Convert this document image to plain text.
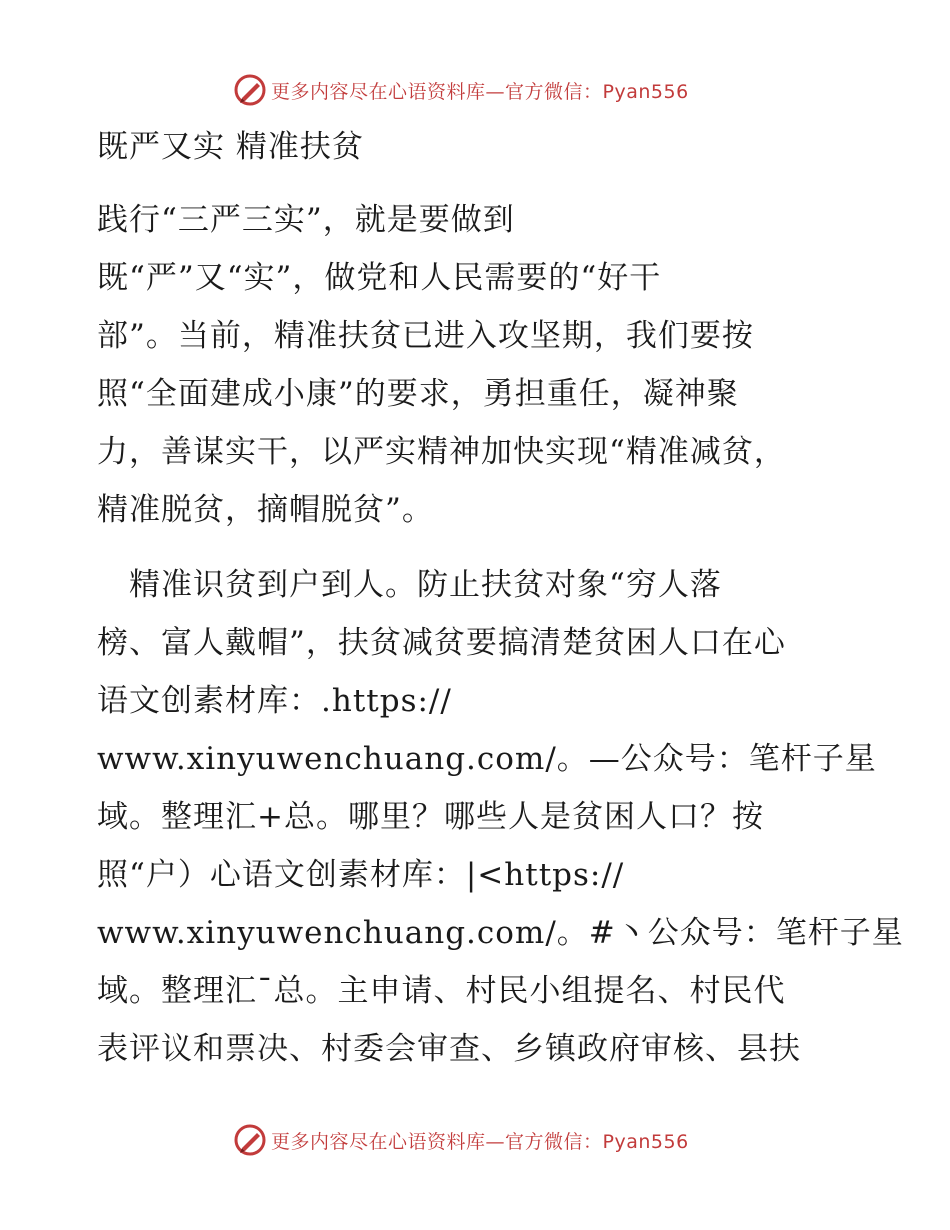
更多内容尽在心语资料库—官方微信：Pyan556
既严又实 精准扶贫

践行“三严三实”，就是要做到

既“严”又“实”，做党和人民需要的“好干

部”。当前，精准扶贫已进入攻坚期，我们要按

照“全面建成小康”的要求，勇担重任，凝神聚

力，善谋实干，以严实精神加快实现“精准减贫，

精准脱贫，摘帽脱贫”。

　精准识贫到户到人。防止扶贫对象“穷人落

榜、富人戴帽”，扶贫减贫要搞清楚贫困人口在心

语文创素材库：.https://

www.xinyuwenchuang.com/。—公众号：笔杆子星

域。整理汇+总。哪里？哪些人是贫困人口？按

照“户）心语文创素材库：|<https://

www.xinyuwenchuang.com/。#丶公众号：笔杆子星

域。整理汇¯总。主申请、村民小组提名、村民代

表评议和票决、村委会审查、乡镇政府审核、县扶

更多内容尽在心语资料库—官方微信：Pyan556
